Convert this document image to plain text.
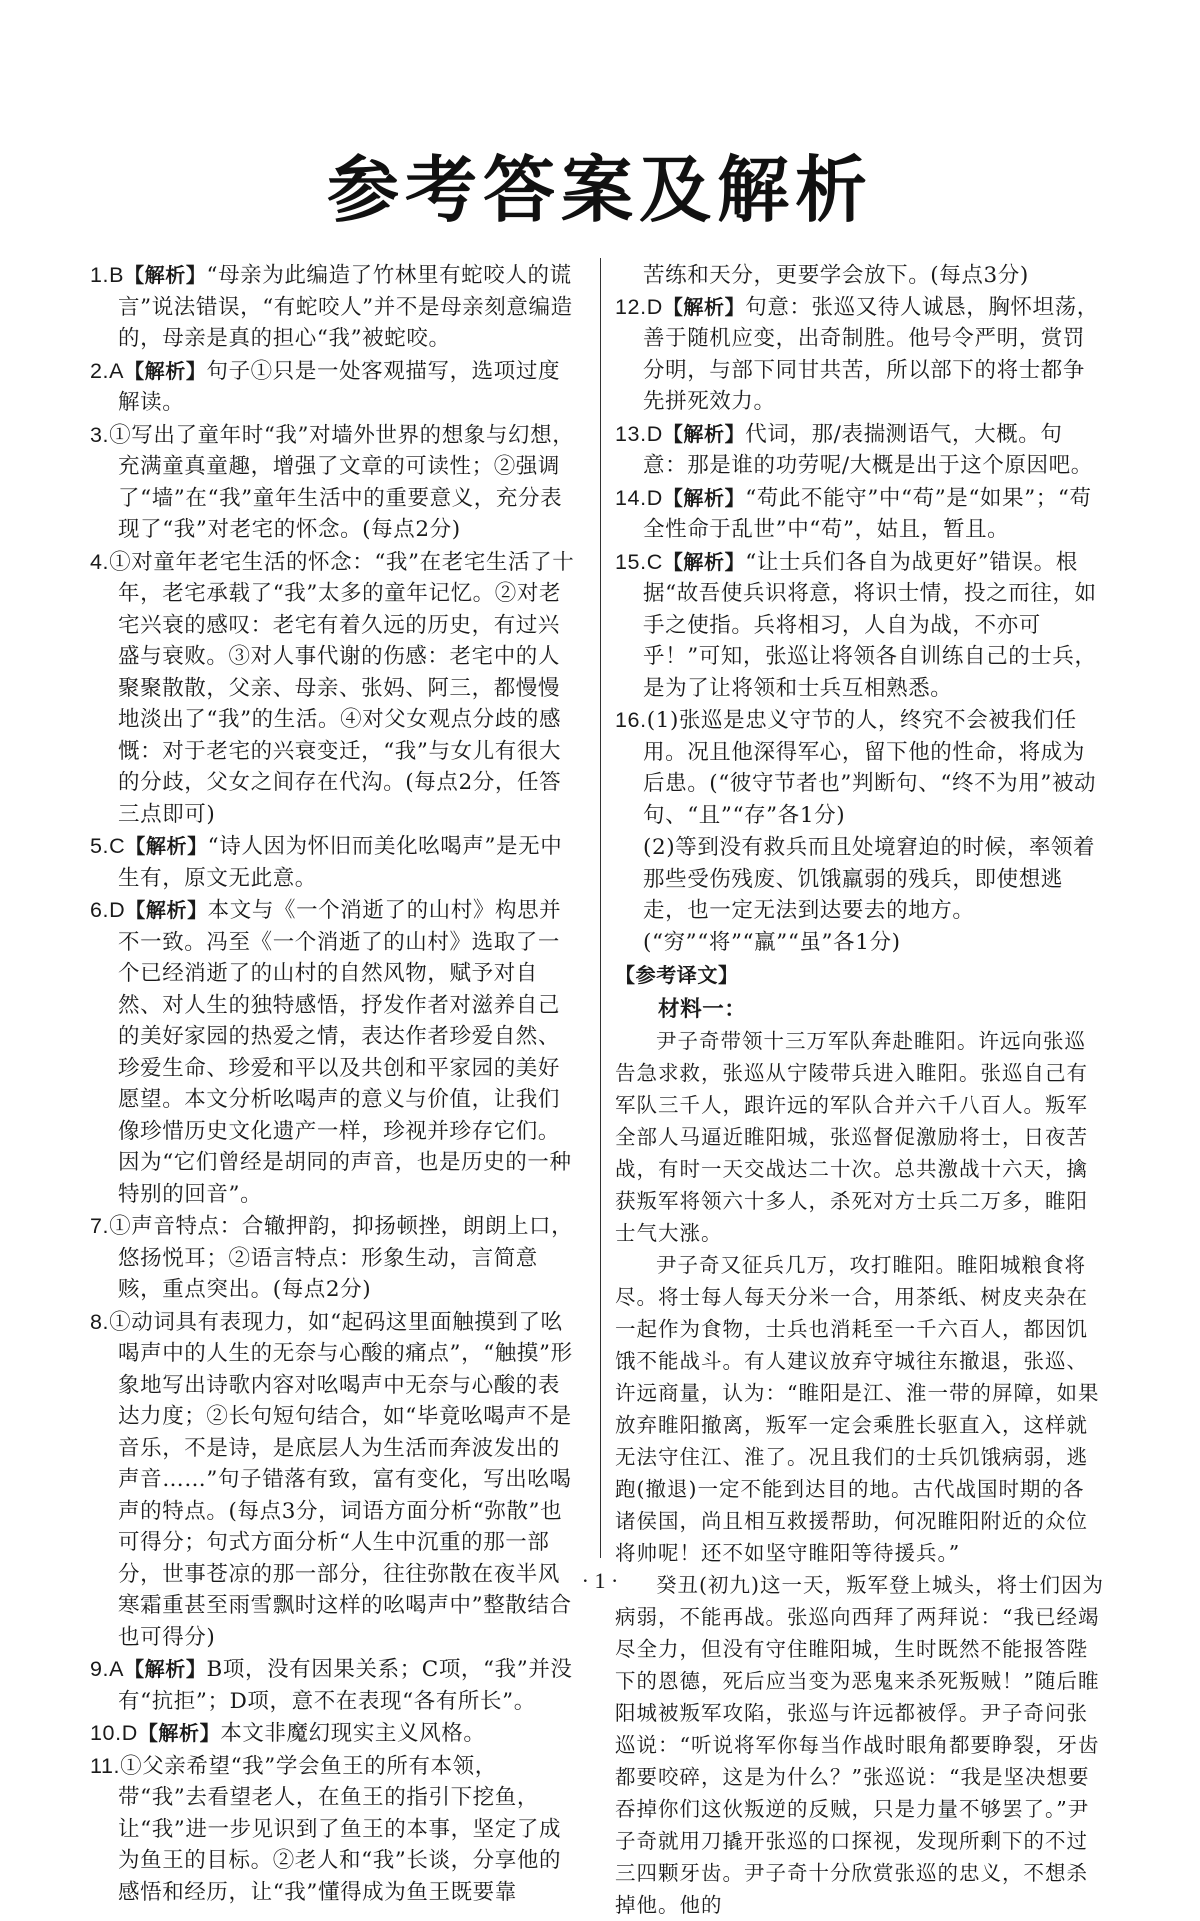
参考答案及解析
1.B【解析】“母亲为此编造了竹林里有蛇咬人的谎言”说法错误，“有蛇咬人”并不是母亲刻意编造的，母亲是真的担心“我”被蛇咬。
2.A【解析】句子①只是一处客观描写，选项过度解读。
3.①写出了童年时“我”对墙外世界的想象与幻想，充满童真童趣，增强了文章的可读性；②强调了“墙”在“我”童年生活中的重要意义，充分表现了“我”对老宅的怀念。(每点2分)
4.①对童年老宅生活的怀念：“我”在老宅生活了十年，老宅承载了“我”太多的童年记忆。②对老宅兴衰的感叹：老宅有着久远的历史，有过兴盛与衰败。③对人事代谢的伤感：老宅中的人聚聚散散，父亲、母亲、张妈、阿三，都慢慢地淡出了“我”的生活。④对父女观点分歧的感慨：对于老宅的兴衰变迁，“我”与女儿有很大的分歧，父女之间存在代沟。(每点2分，任答三点即可)
5.C【解析】“诗人因为怀旧而美化吆喝声”是无中生有，原文无此意。
6.D【解析】本文与《一个消逝了的山村》构思并不一致。冯至《一个消逝了的山村》选取了一个已经消逝了的山村的自然风物，赋予对自然、对人生的独特感悟，抒发作者对滋养自己的美好家园的热爱之情，表达作者珍爱自然、珍爱生命、珍爱和平以及共创和平家园的美好愿望。本文分析吆喝声的意义与价值，让我们像珍惜历史文化遗产一样，珍视并珍存它们。因为“它们曾经是胡同的声音，也是历史的一种特别的回音”。
7.①声音特点：合辙押韵，抑扬顿挫，朗朗上口，悠扬悦耳；②语言特点：形象生动，言简意赅，重点突出。(每点2分)
8.①动词具有表现力，如“起码这里面触摸到了吆喝声中的人生的无奈与心酸的痛点”，“触摸”形象地写出诗歌内容对吆喝声中无奈与心酸的表达力度；②长句短句结合，如“毕竟吆喝声不是音乐，不是诗，是底层人为生活而奔波发出的声音……”句子错落有致，富有变化，写出吆喝声的特点。(每点3分，词语方面分析“弥散”也可得分；句式方面分析“人生中沉重的那一部分，世事苍凉的那一部分，往往弥散在夜半风寒霜重甚至雨雪飘时这样的吆喝声中”整散结合也可得分)
9.A【解析】B项，没有因果关系；C项，“我”并没有“抗拒”；D项，意不在表现“各有所长”。
10.D【解析】本文非魔幻现实主义风格。
11.①父亲希望“我”学会鱼王的所有本领，带“我”去看望老人，在鱼王的指引下挖鱼，让“我”进一步见识到了鱼王的本事，坚定了成为鱼王的目标。②老人和“我”长谈，分享他的感悟和经历，让“我”懂得成为鱼王既要靠
苦练和天分，更要学会放下。(每点3分)
12.D【解析】句意：张巡又待人诚恳，胸怀坦荡，善于随机应变，出奇制胜。他号令严明，赏罚分明，与部下同甘共苦，所以部下的将士都争先拼死效力。
13.D【解析】代词，那/表揣测语气，大概。句意：那是谁的功劳呢/大概是出于这个原因吧。
14.D【解析】“苟此不能守”中“苟”是“如果”；“苟全性命于乱世”中“苟”，姑且，暂且。
15.C【解析】“让士兵们各自为战更好”错误。根据“故吾使兵识将意，将识士情，投之而往，如手之使指。兵将相习，人自为战，不亦可乎！”可知，张巡让将领各自训练自己的士兵，是为了让将领和士兵互相熟悉。
16.(1)张巡是忠义守节的人，终究不会被我们任用。况且他深得军心，留下他的性命，将成为后患。(“彼守节者也”判断句、“终不为用”被动句、“且”“存”各1分)
(2)等到没有救兵而且处境窘迫的时候，率领着那些受伤残废、饥饿羸弱的残兵，即使想逃走，也一定无法到达要去的地方。(“穷”“将”“羸”“虽”各1分)
【参考译文】
材料一：

尹子奇带领十三万军队奔赴睢阳。许远向张巡告急求救，张巡从宁陵带兵进入睢阳。张巡自己有军队三千人，跟许远的军队合并六千八百人。叛军全部人马逼近睢阳城，张巡督促激励将士，日夜苦战，有时一天交战达二十次。总共激战十六天，擒获叛军将领六十多人，杀死对方士兵二万多，睢阳士气大涨。

尹子奇又征兵几万，攻打睢阳。睢阳城粮食将尽。将士每人每天分米一合，用茶纸、树皮夹杂在一起作为食物，士兵也消耗至一千六百人，都因饥饿不能战斗。有人建议放弃守城往东撤退，张巡、许远商量，认为：“睢阳是江、淮一带的屏障，如果放弃睢阳撤离，叛军一定会乘胜长驱直入，这样就无法守住江、淮了。况且我们的士兵饥饿病弱，逃跑(撤退)一定不能到达目的地。古代战国时期的各诸侯国，尚且相互救援帮助，何况睢阳附近的众位将帅呢！还不如坚守睢阳等待援兵。”

癸丑(初九)这一天，叛军登上城头，将士们因为病弱，不能再战。张巡向西拜了两拜说：“我已经竭尽全力，但没有守住睢阳城，生时既然不能报答陛下的恩德，死后应当变为恶鬼来杀死叛贼！”随后睢阳城被叛军攻陷，张巡与许远都被俘。尹子奇问张巡说：“听说将军你每当作战时眼角都要睁裂，牙齿都要咬碎，这是为什么？”张巡说：“我是坚决想要吞掉你们这伙叛逆的反贼，只是力量不够罢了。”尹子奇就用刀撬开张巡的口探视，发现所剩下的不过三四颗牙齿。尹子奇十分欣赏张巡的忠义，不想杀掉他。他的

· 1 ·
